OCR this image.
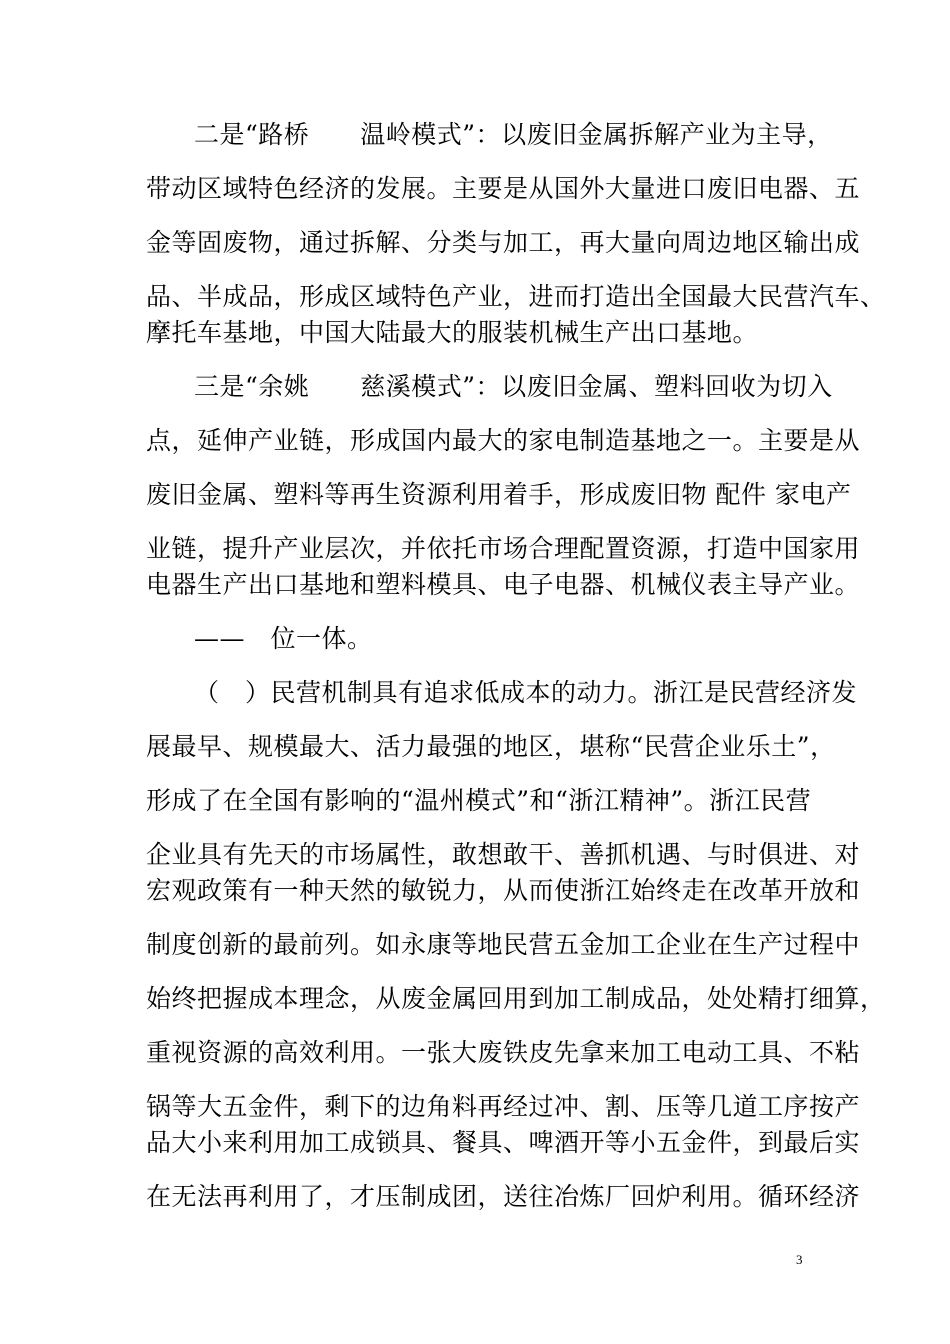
二是“路桥　　温岭模式”：以废旧金属拆解产业为主导，
带动区域特色经济的发展。主要是从国外大量进口废旧电器、五
金等固废物，通过拆解、分类与加工，再大量向周边地区输出成
品、半成品，形成区域特色产业，进而打造出全国最大民营汽车、
摩托车基地，中国大陆最大的服装机械生产出口基地。
三是“余姚　　慈溪模式”：以废旧金属、塑料回收为切入
点，延伸产业链，形成国内最大的家电制造基地之一。主要是从
废旧金属、塑料等再生资源利用着手，形成废旧物 配件 家电产
业链，提升产业层次，并依托市场合理配置资源，打造中国家用
电器生产出口基地和塑料模具、电子电器、机械仪表主导产业。
——　位一体。
（　）民营机制具有追求低成本的动力。浙江是民营经济发
展最早、规模最大、活力最强的地区，堪称“民营企业乐土”，
形成了在全国有影响的“温州模式”和“浙江精神”。浙江民营
企业具有先天的市场属性，敢想敢干、善抓机遇、与时俱进、对
宏观政策有一种天然的敏锐力，从而使浙江始终走在改革开放和
制度创新的最前列。如永康等地民营五金加工企业在生产过程中
始终把握成本理念，从废金属回用到加工制成品，处处精打细算，
重视资源的高效利用。一张大废铁皮先拿来加工电动工具、不粘
锅等大五金件，剩下的边角料再经过冲、割、压等几道工序按产
品大小来利用加工成锁具、餐具、啤酒开等小五金件，到最后实
在无法再利用了，才压制成团，送往冶炼厂回炉利用。循环经济
3
